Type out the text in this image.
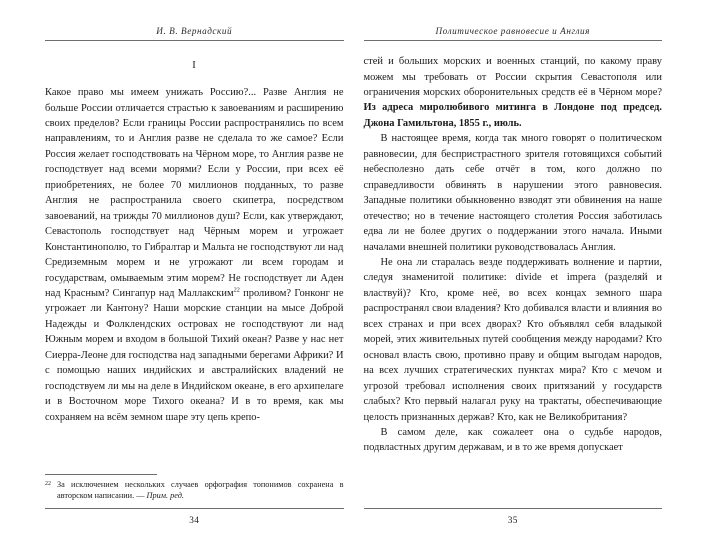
И. В. Вернадский
I

Какое право мы имеем унижать Россию?... Разве Англия не больше России отличается страстью к завоеваниям и расширению своих пределов? Если границы России распространялись по всем направлениям, то и Англия разве не сделала то же самое? Если Россия желает господствовать на Чёрном море, то Англия разве не господствует над всеми морями? Если у России, при всех её приобретениях, не более 70 миллионов подданных, то разве Англия не распространила своего скипетра, посредством завоеваний, на трижды 70 миллионов душ? Если, как утверждают, Севастополь господствует над Чёрным морем и угрожает Константинополю, то Гибралтар и Мальта не господствуют ли над Средиземным морем и не угрожают ли всем городам и государствам, омываемым этим морем? Не господствует ли Аден над Красным? Сингапур над Маллакским$^{22}$ проливом? Гонконг не угрожает ли Кантону? Наши морские станции на мысе Доброй Надежды и Фолклендских островах не господствуют ли над Южным морем и входом в большой Тихий океан? Разве у нас нет Сиерра-Леоне для господства над западными берегами Африки? И с помощью наших индийских и австралийских владений не господствуем ли мы на деле в Индийском океане, в его архипелаге и в Восточном море Тихого океана? И в то время, как мы сохраняем на всём земном шаре эту цепь крепо-

22 За исключением нескольких случаев орфография топонимов сохранена в авторском написании. — Прим. ред.
34
Политическое равновесие и Англия

стей и больших морских и военных станций, по какому праву можем мы требовать от России скрытия Севастополя или ограничения морских оборонительных средств её в Чёрном море? Из адреса миролюбивого митинга в Лондоне под председ. Джона Гамильтона, 1855 г., июль.

В настоящее время, когда так много говорят о политическом равновесии, для беспристрастного зрителя готовящихся событий небесполезно дать себе отчёт в том, кого должно по справедливости обвинять в нарушении этого равновесия. Западные политики обыкновенно взводят эти обвинения на наше отечество; но в течение настоящего столетия Россия заботилась едва ли не более других о поддержании этого начала. Иными началами внешней политики руководствовалась Англия.

Не она ли старалась везде поддерживать волнение и партии, следуя знаменитой политике: divide et impera (разделяй и властвуй)? Кто, кроме неё, во всех концах земного шара распространял свои владения? Кто добивался власти и влияния во всех странах и при всех дворах? Кто объявлял себя владыкой морей, этих живительных путей сообщения между народами? Кто основал власть свою, противно праву и общим выгодам народов, на всех лучших стратегических пунктах мира? Кто с мечом и угрозой требовал исполнения своих притязаний у государств слабых? Кто первый налагал руку на трактаты, обеспечивающие целость признанных держав? Кто, как не Великобритания?

В самом деле, как сожалеет она о судьбе народов, подвластных другим державам, и в то же время допускает

35
